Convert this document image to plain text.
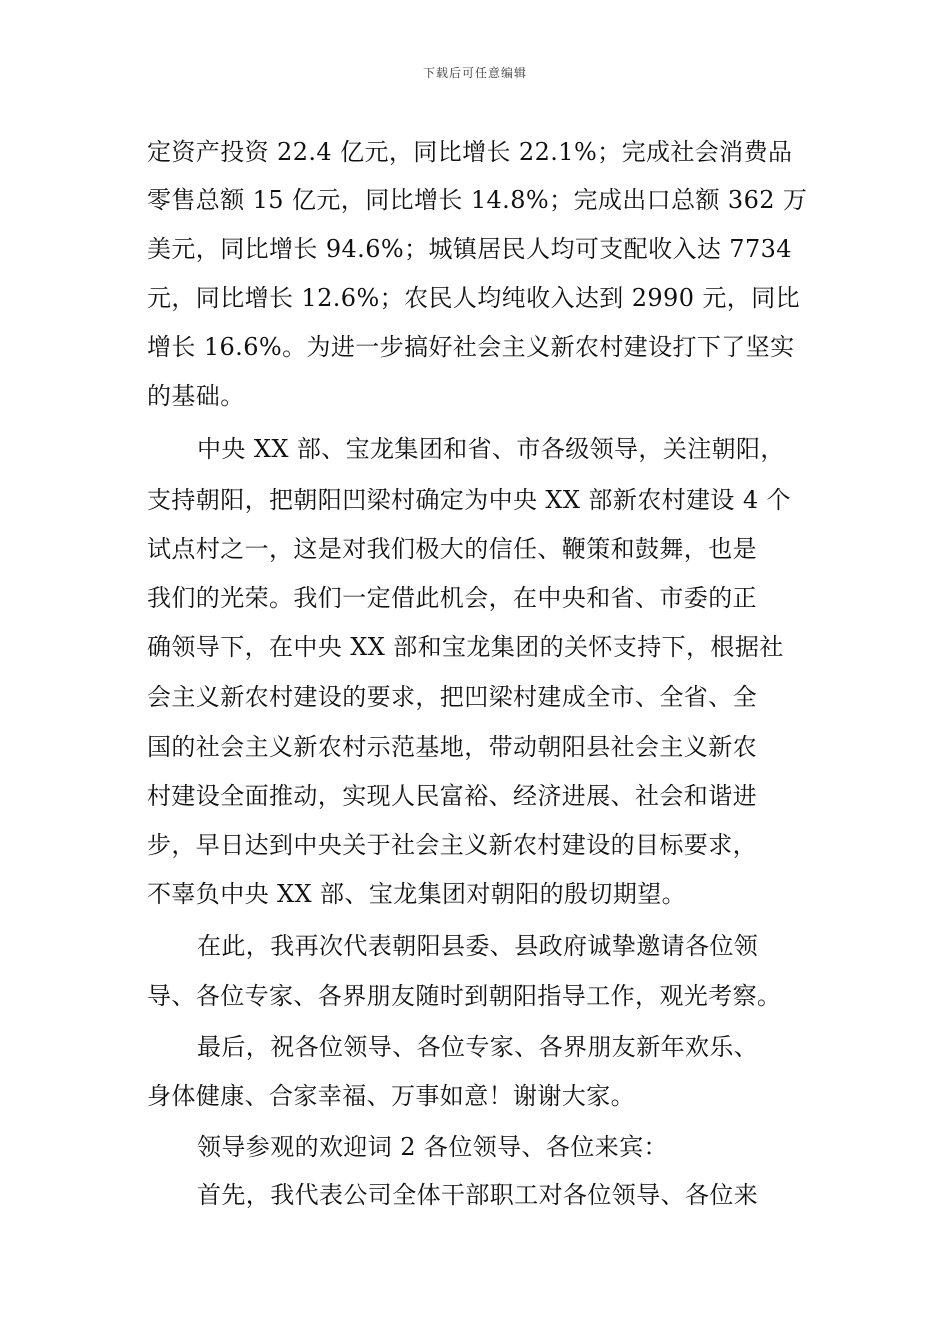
下载后可任意编辑
定资产投资 22.4 亿元，同比增长 22.1%；完成社会消费品
零售总额 15 亿元，同比增长 14.8%；完成出口总额 362 万
美元，同比增长 94.6%；城镇居民人均可支配收入达 7734
元，同比增长 12.6%；农民人均纯收入达到 2990 元，同比
增长 16.6%。为进一步搞好社会主义新农村建设打下了坚实
的基础。
中央 XX 部、宝龙集团和省、市各级领导，关注朝阳，
支持朝阳，把朝阳凹梁村确定为中央 XX 部新农村建设 4 个
试点村之一，这是对我们极大的信任、鞭策和鼓舞，也是
我们的光荣。我们一定借此机会，在中央和省、市委的正
确领导下，在中央 XX 部和宝龙集团的关怀支持下，根据社
会主义新农村建设的要求，把凹梁村建成全市、全省、全
国的社会主义新农村示范基地，带动朝阳县社会主义新农
村建设全面推动，实现人民富裕、经济进展、社会和谐进
步，早日达到中央关于社会主义新农村建设的目标要求，
不辜负中央 XX 部、宝龙集团对朝阳的殷切期望。
在此，我再次代表朝阳县委、县政府诚挚邀请各位领
导、各位专家、各界朋友随时到朝阳指导工作，观光考察。
最后，祝各位领导、各位专家、各界朋友新年欢乐、
身体健康、合家幸福、万事如意！谢谢大家。
领导参观的欢迎词 2 各位领导、各位来宾：
首先，我代表公司全体干部职工对各位领导、各位来
